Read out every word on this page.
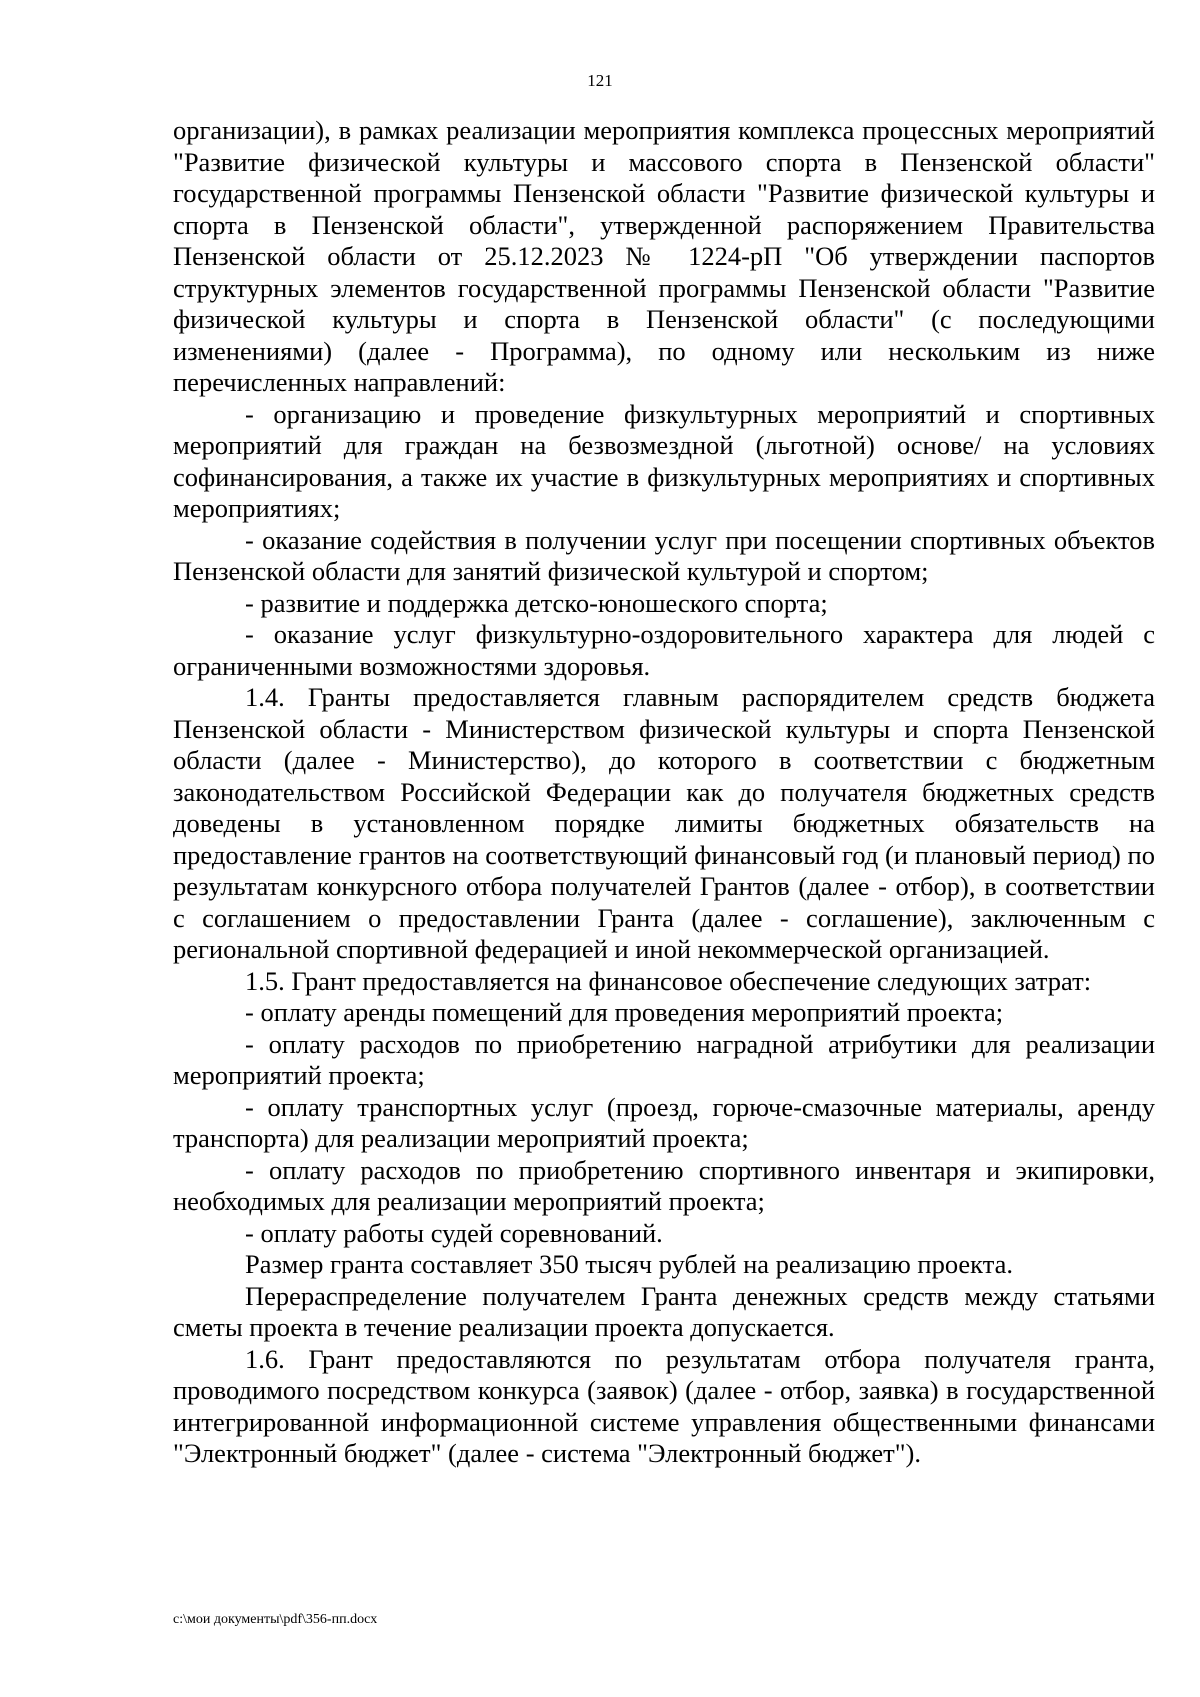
121

организации), в рамках реализации мероприятия комплекса процессных мероприятий "Развитие физической культуры и массового спорта в Пензенской области" государственной программы Пензенской области "Развитие физической культуры и спорта в Пензенской области", утвержденной распоряжением Правительства Пензенской области от 25.12.2023 № 1224-рП "Об утверждении паспортов структурных элементов государственной программы Пензенской области "Развитие физической культуры и спорта в Пензенской области" (с последующими изменениями) (далее - Программа), по одному или нескольким из ниже перечисленных направлений:

- организацию и проведение физкультурных мероприятий и спортивных мероприятий для граждан на безвозмездной (льготной) основе/ на условиях софинансирования, а также их участие в физкультурных мероприятиях и спортивных мероприятиях;

- оказание содействия в получении услуг при посещении спортивных объектов Пензенской области для занятий физической культурой и спортом;

- развитие и поддержка детско-юношеского спорта;

- оказание услуг физкультурно-оздоровительного характера для людей с ограниченными возможностями здоровья.

1.4. Гранты предоставляется главным распорядителем средств бюджета Пензенской области - Министерством физической культуры и спорта Пензенской области (далее - Министерство), до которого в соответствии с бюджетным законодательством Российской Федерации как до получателя бюджетных средств доведены в установленном порядке лимиты бюджетных обязательств на предоставление грантов на соответствующий финансовый год (и плановый период) по результатам конкурсного отбора получателей Грантов (далее - отбор), в соответствии с соглашением о предоставлении Гранта (далее - соглашение), заключенным с региональной спортивной федерацией и иной некоммерческой организацией.

1.5. Грант предоставляется на финансовое обеспечение следующих затрат:

- оплату аренды помещений для проведения мероприятий проекта;

- оплату расходов по приобретению наградной атрибутики для реализации мероприятий проекта;

- оплату транспортных услуг (проезд, горюче-смазочные материалы, аренду транспорта) для реализации мероприятий проекта;

- оплату расходов по приобретению спортивного инвентаря и экипировки, необходимых для реализации мероприятий проекта;

- оплату работы судей соревнований.

Размер гранта составляет 350 тысяч рублей на реализацию проекта.

Перераспределение получателем Гранта денежных средств между статьями сметы проекта в течение реализации проекта допускается.

1.6. Грант предоставляются по результатам отбора получателя гранта, проводимого посредством конкурса (заявок) (далее - отбор, заявка) в государственной интегрированной информационной системе управления общественными финансами "Электронный бюджет" (далее - система "Электронный бюджет").

c:\мои документы\pdf\356-пп.docx
